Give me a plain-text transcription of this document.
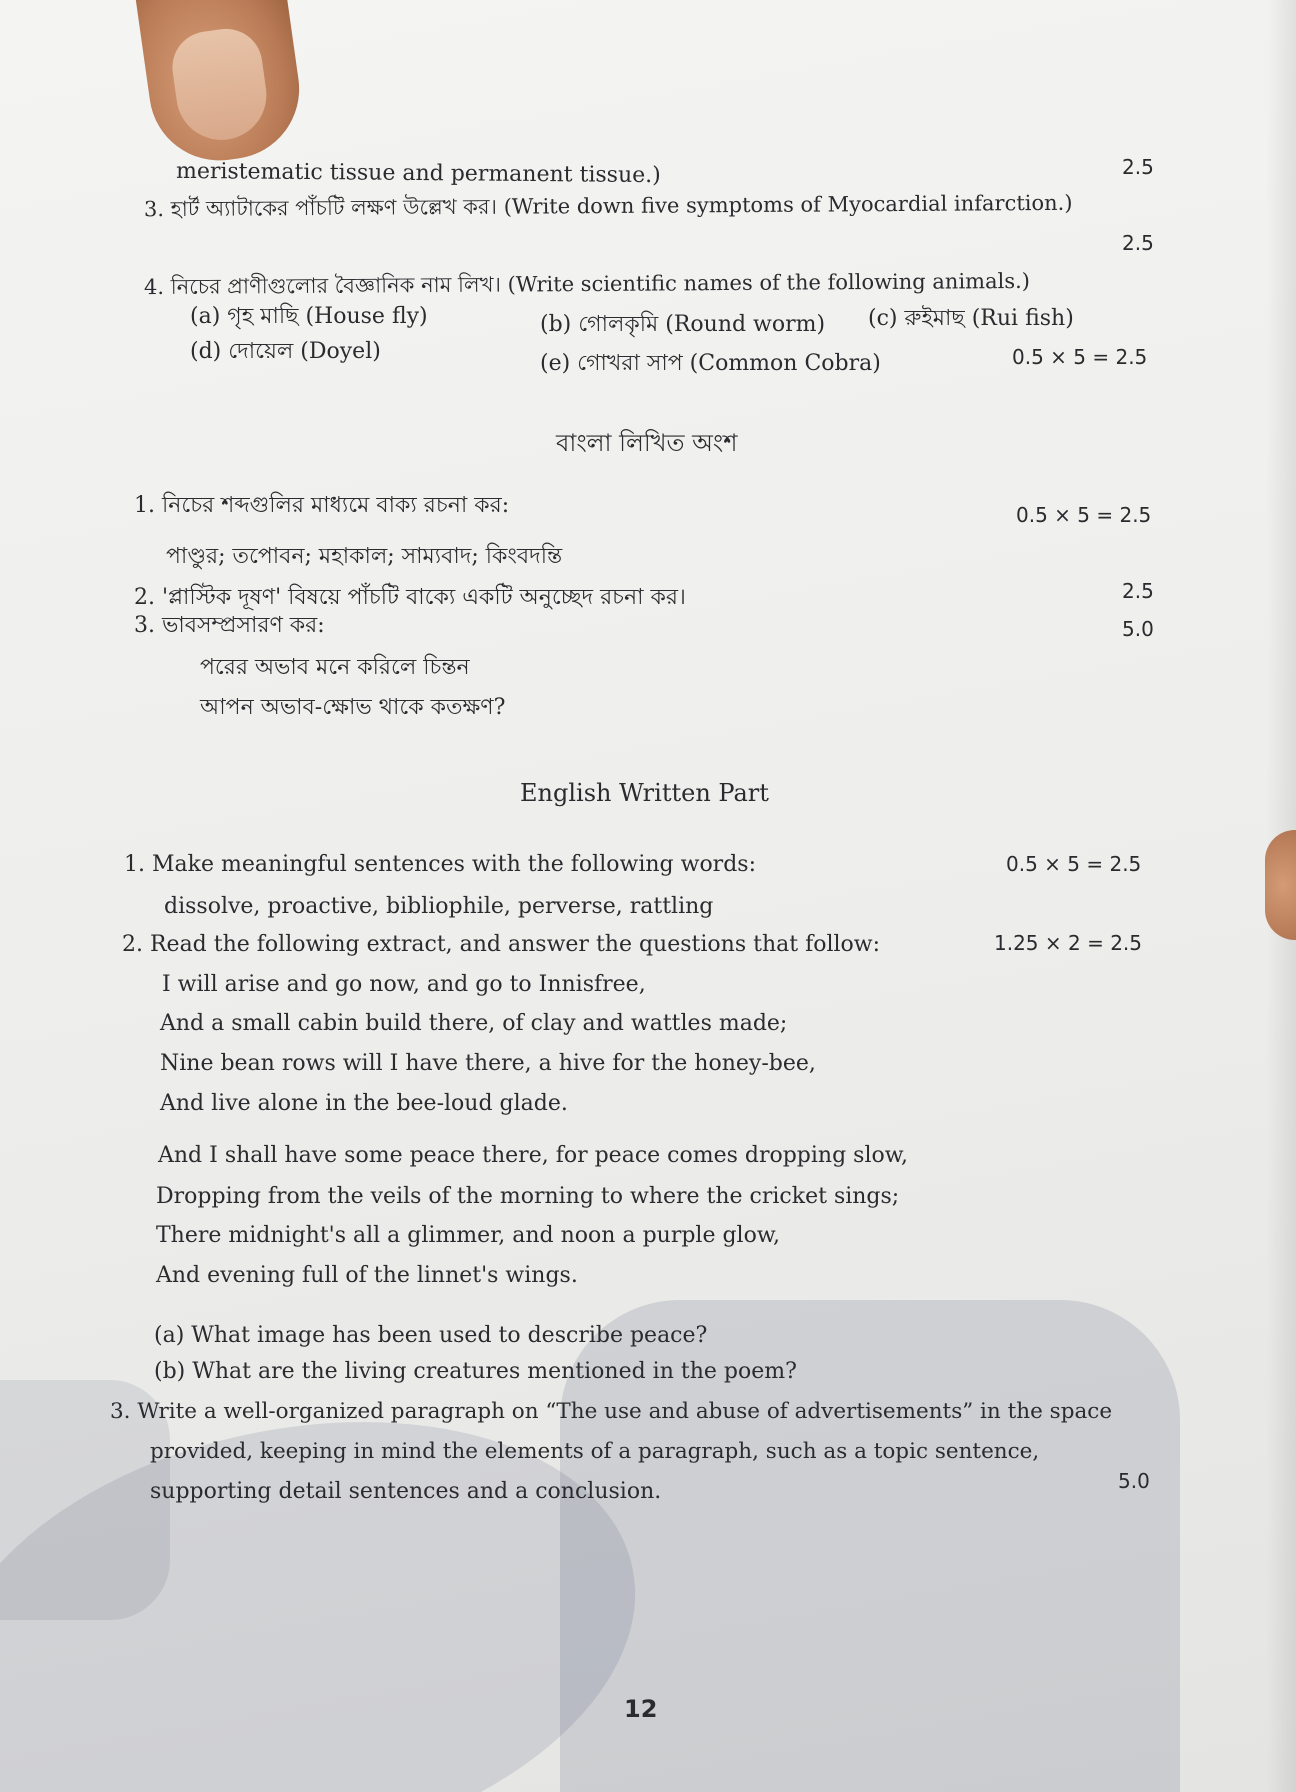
meristematic tissue and permanent tissue.)	2.5
3. হার্ট অ্যাটাকের পাঁচটি লক্ষণ উল্লেখ কর। (Write down five symptoms of Myocardial infarction.)
2.5
4. নিচের প্রাণীগুলোর বৈজ্ঞানিক নাম লিখ। (Write scientific names of the following animals.)
(a) গৃহ মাছি (House fly)	(b) গোলকৃমি (Round worm) (c) রুইমাছ (Rui fish)
(d) দোয়েল (Doyel)	(e) গোখরা সাপ (Common Cobra)	0.5 × 5 = 2.5
বাংলা লিখিত অংশ
1. নিচের শব্দগুলির মাধ্যমে বাক্য রচনা কর:	0.5 × 5 = 2.5
পাণ্ডুর; তপোবন; মহাকাল; সাম্যবাদ; কিংবদন্তি
2. 'প্লাস্টিক দূষণ' বিষয়ে পাঁচটি বাক্যে একটি অনুচ্ছেদ রচনা কর।	2.5
3. ভাবসম্প্রসারণ কর:	5.0
পরের অভাব মনে করিলে চিন্তন
আপন অভাব-ক্ষোভ থাকে কতক্ষণ?
English Written Part
1. Make meaningful sentences with the following words:	0.5 × 5 = 2.5
dissolve, proactive, bibliophile, perverse, rattling
2. Read the following extract, and answer the questions that follow:	1.25 × 2 = 2.5
I will arise and go now, and go to Innisfree,
And a small cabin build there, of clay and wattles made;
Nine bean rows will I have there, a hive for the honey-bee,
And live alone in the bee-loud glade.
And I shall have some peace there, for peace comes dropping slow,
Dropping from the veils of the morning to where the cricket sings;
There midnight's all a glimmer, and noon a purple glow,
And evening full of the linnet's wings.
(a) What image has been used to describe peace?
(b) What are the living creatures mentioned in the poem?
3. Write a well-organized paragraph on “The use and abuse of advertisements” in the space
provided, keeping in mind the elements of a paragraph, such as a topic sentence,
supporting detail sentences and a conclusion.	5.0
12
